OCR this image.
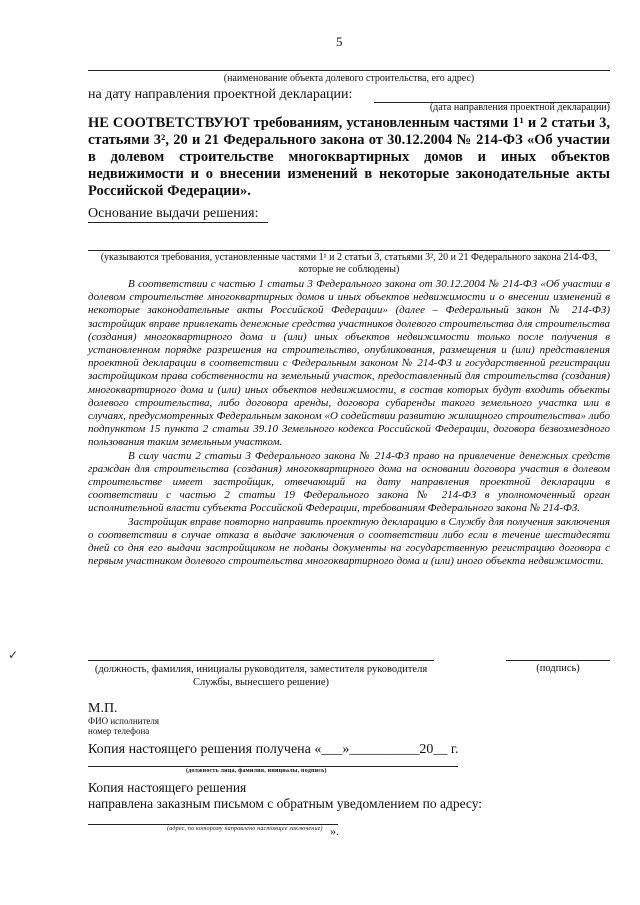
5
(наименование объекта долевого строительства, его адрес)
на дату направления проектной декларации:
(дата направления проектной декларации)
НЕ СООТВЕТСТВУЮТ требованиям, установленным частями 1¹ и 2 статьи 3, статьями 3², 20 и 21 Федерального закона от 30.12.2004 № 214-ФЗ «Об участии в долевом строительстве многоквартирных домов и иных объектов недвижимости и о внесении изменений в некоторые законодательные акты Российской Федерации».
Основание выдачи решения:
(указываются требования, установленные частями 1¹ и 2 статьи 3, статьями 3², 20 и 21 Федерального закона 214-ФЗ, которые не соблюдены)

В соответствии с частью 1 статьи 3 Федерального закона от 30.12.2004 № 214-ФЗ «Об участии в долевом строительстве многоквартирных домов и иных объектов недвижимости и о внесении изменений в некоторые законодательные акты Российской Федерации» (далее – Федеральный закон № 214-ФЗ) застройщик вправе привлекать денежные средства участников долевого строительства для строительства (создания) многоквартирного дома и (или) иных объектов недвижимости только после получения в установленном порядке разрешения на строительство, опубликования, размещения и (или) представления проектной декларации в соответствии с Федеральным законом № 214-ФЗ и государственной регистрации застройщиком права собственности на земельный участок, предоставленный для строительства (создания) многоквартирного дома и (или) иных объектов недвижимости, в состав которых будут входить объекты долевого строительства, либо договора аренды, договора субаренды такого земельного участка или в случаях, предусмотренных Федеральным законом «О содействии развитию жилищного строительства» либо подпунктом 15 пункта 2 статьи 39.10 Земельного кодекса Российской Федерации, договора безвозмездного пользования таким земельным участком.

В силу части 2 статьи 3 Федерального закона № 214-ФЗ право на привлечение денежных средств граждан для строительства (создания) многоквартирного дома на основании договора участия в долевом строительстве имеет застройщик, отвечающий на дату направления проектной декларации в соответствии с частью 2 статьи 19 Федерального закона № 214-ФЗ в уполномоченный орган исполнительной власти субъекта Российской Федерации, требованиям Федерального закона № 214-ФЗ.

Застройщик вправе повторно направить проектную декларацию в Службу для получения заключения о соответствии в случае отказа в выдаче заключения о соответствии либо если в течение шестидесяти дней со дня его выдачи застройщиком не поданы документы на государственную регистрацию договора с первым участником долевого строительства многоквартирного дома и (или) иного объекта недвижимости.

✓
(должность, фамилия, инициалы руководителя, заместителя руководителя Службы, вынесшего решение)
(подпись)
М.П.
ФИО исполнителя
номер телефона
Копия настоящего решения получена «___»__________20__ г.
(должность лица, фамилия, инициалы, подпись)
Копия настоящего решения
направлена заказным письмом с обратным уведомлением по адресу:
(адрес, по которому направлено настоящее заключение) ».
